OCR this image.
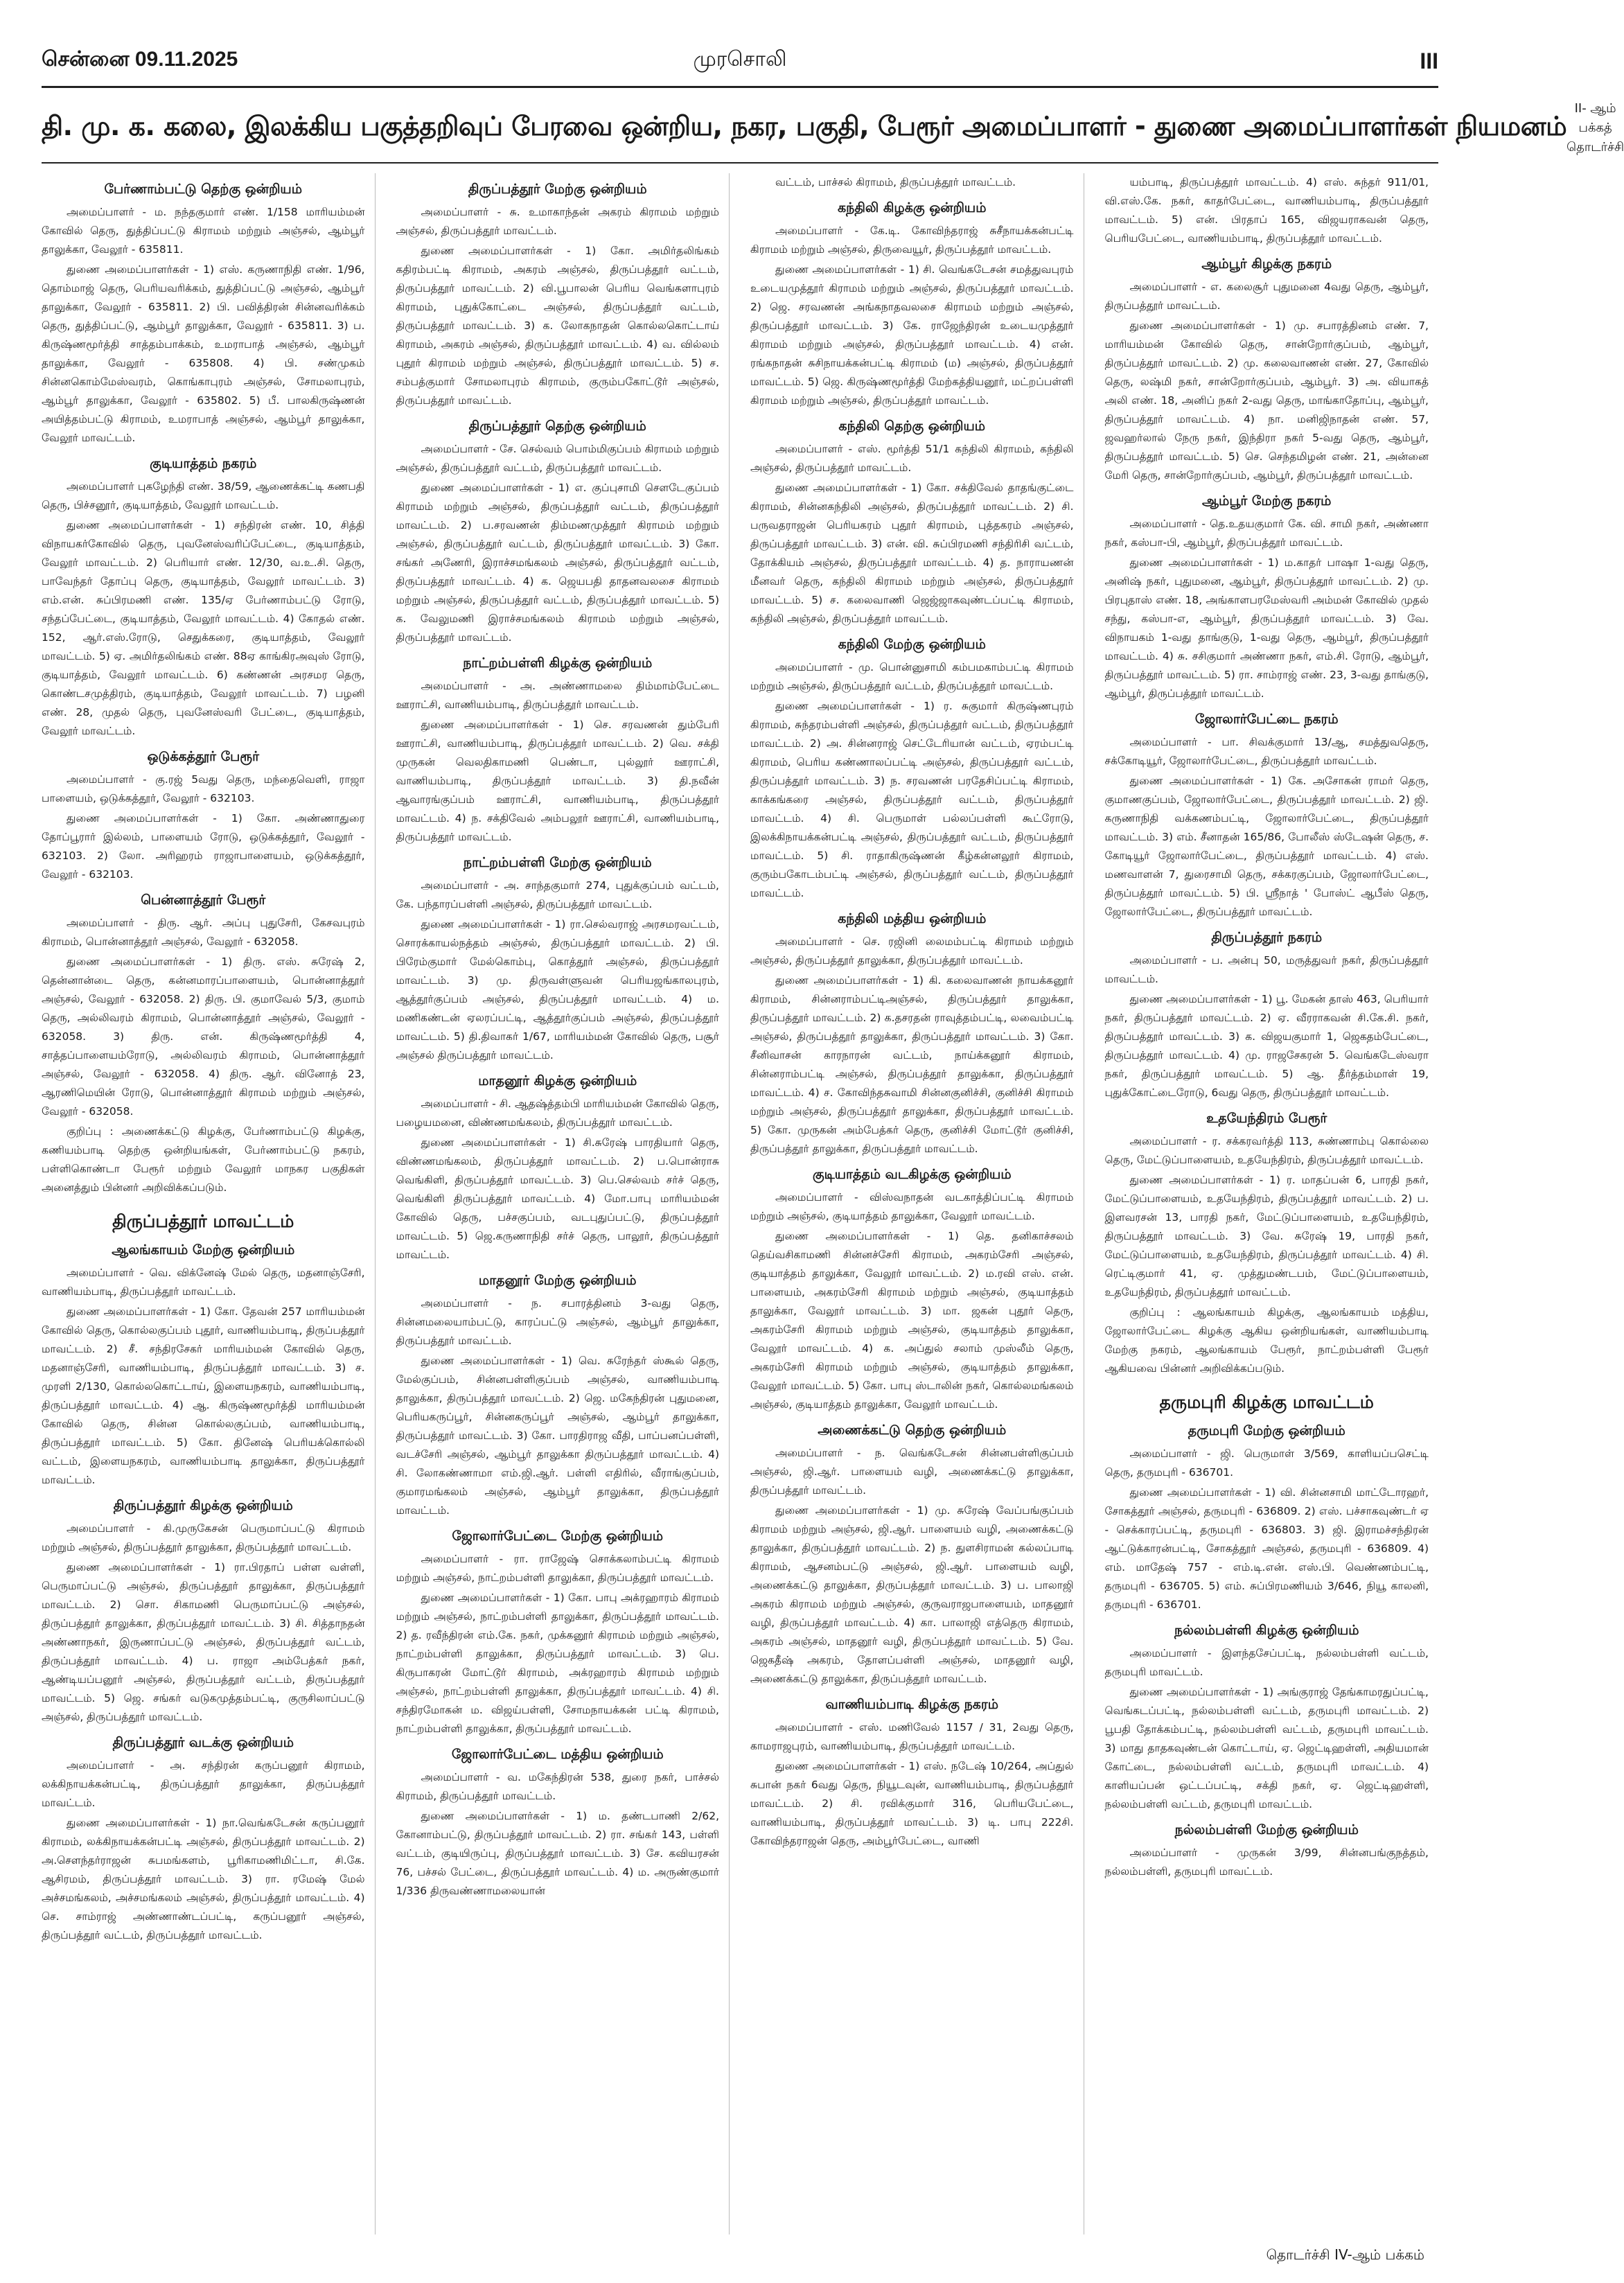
சென்னை 09.11.2025	முரசொலி	III
தி. மு. க. கலை, இலக்கிய பகுத்தறிவுப் பேரவை ஒன்றிய, நகர, பகுதி, பேரூர் அமைப்பாளர் - துணை அமைப்பாளர்கள் நியமனம்
II- ஆம் பக்கத்
தொடர்ச்சி
பேர்ணாம்பட்டு தெற்கு ஒன்றியம்
அமைப்பாளர் - ம. நந்தகுமார் எண். 1/158 மாரியம்மன் கோவில் தெரு, துத்திப்பட்டு கிராமம் மற்றும் அஞ்சல், ஆம்பூர் தாலுக்கா, வேலூர் - 635811.
துணை அமைப்பாளர்கள் - 1) எஸ். கருணாநிதி எண். 1/96, தொம்மாஜ் தெரு, பெரியவரிக்கம், துத்திப்பட்டு அஞ்சல், ஆம்பூர் தாலுக்கா, வேலூர் - 635811. 2) பி. பவித்திரன் சின்னவரிக்கம் தெரு, துத்திப்பட்டு, ஆம்பூர் தாலுக்கா, வேலூர் - 635811. 3) ப. கிருஷ்ணமூர்த்தி சாத்தம்பாக்கம், உமராபாத் அஞ்சல், ஆம்பூர் தாலுக்கா, வேலூர் - 635808. 4) பி. சண்முகம் சின்னகொம்மேஸ்வரம், கொங்காபுரம் அஞ்சல், சோமலாபுரம், ஆம்பூர் தாலுக்கா, வேலூர் - 635802. 5) பீ. பாலகிருஷ்ணன் அயித்தம்பட்டு கிராமம், உமராபாத் அஞ்சல், ஆம்பூர் தாலுக்கா, வேலூர் மாவட்டம்.
குடியாத்தம் நகரம்
அமைப்பாளர் புகழேந்தி எண். 38/59, ஆணைக்கட்டி கணபதி தெரு, பிச்சனூர், குடியாத்தம், வேலூர் மாவட்டம்.
துணை அமைப்பாளர்கள் - 1) சந்திரன் எண். 10, சித்தி விநாயகர்கோவில் தெரு, புவனேஸ்வரிப்பேட்டை, குடியாத்தம், வேலூர் மாவட்டம். 2) பெரியார் எண். 12/30, வ.உ.சி. தெரு, பாவேந்தர் தோப்பு தெரு, குடியாத்தம், வேலூர் மாவட்டம். 3) எம்.என். சுப்பிரமணி எண். 135/ஏ பேர்ணாம்பட்டு ரோடு, சந்தப்பேட்டை, குடியாத்தம், வேலூர் மாவட்டம். 4) கோதல் எண். 152, ஆர்.எஸ்.ரோடு, செதுக்கரை, குடியாத்தம், வேலூர் மாவட்டம். 5) ஏ. அமிர்தலிங்கம் எண். 88ஏ காங்கிரஅவுஸ் ரோடு, குடியாத்தம், வேலூர் மாவட்டம். 6) கண்ணன் அரசமர தெரு, கொண்டசமுத்திரம், குடியாத்தம், வேலூர் மாவட்டம். 7) பழனி எண். 28, முதல் தெரு, புவனேஸ்வரி பேட்டை, குடியாத்தம், வேலூர் மாவட்டம்.
ஒடுக்கத்தூர் பேரூர்
அமைப்பாளர் - கு.ரஜ் 5வது தெரு, மந்தைவெளி, ராஜா பாளையம், ஒடுக்கத்தூர், வேலூர் - 632103.
துணை அமைப்பாளர்கள் - 1) கோ. அண்ணாதுரை தோப்பூரார் இல்லம், பாளையம் ரோடு, ஒடுக்கத்தூர், வேலூர் - 632103. 2) லோ. அரிஹரம் ராஜாபாளையம், ஒடுக்கத்தூர், வேலூர் - 632103.
பென்னாத்தூர் பேரூர்
அமைப்பாளர் - திரு. ஆர். அப்பு புதுசேரி, கேசவபுரம் கிராமம், பொன்னாத்தூர் அஞ்சல், வேலூர் - 632058.
துணை அமைப்பாளர்கள் - 1) திரு. எஸ். சுரேஷ் 2, தென்னான்டை தெரு, கன்னமாரப்பாளையம், பொன்னாத்தூர் அஞ்சல், வேலூர் - 632058. 2) திரு. பி. குமாவேல் 5/3, குமாம் தெரு, அல்லிவரம் கிராமம், பொன்னாத்தூர் அஞ்சல், வேலூர் - 632058. 3) திரு. என். கிருஷ்ணமூர்த்தி 4, சாத்தப்பாளையம்ரோடு, அல்லிவரம் கிராமம், பொன்னாத்தூர் அஞ்சல், வேலூர் - 632058. 4) திரு. ஆர். வினோத் 23, ஆரணிமெயின் ரோடு, பொன்னாத்தூர் கிராமம் மற்றும் அஞ்சல், வேலூர் - 632058.
குறிப்பு : அணைக்கட்டு கிழக்கு, பேர்ணாம்பட்டு கிழக்கு, கணியம்பாடி தெற்கு ஒன்றியங்கள், பேர்ணாம்பட்டு நகரம், பள்ளிகொண்டா பேரூர் மற்றும் வேலூர் மாநகர பகுதிகள் அனைத்தும் பின்னர் அறிவிக்கப்படும்.
திருப்பத்தூர் மாவட்டம்
ஆலங்காயம் மேற்கு ஒன்றியம்
அமைப்பாளர் - வெ. விக்னேஷ் மேல் தெரு, மதனாஞ்சேரி, வாணியம்பாடி, திருப்பத்தூர் மாவட்டம்.
துணை அமைப்பாளர்கள் - 1) கோ. தேவன் 257 மாரியம்மன் கோவில் தெரு, கொல்லகுப்பம் புதூர், வாணியம்பாடி, திருப்பத்தூர் மாவட்டம். 2) சீ. சந்திரசேகர் மாரியம்மன் கோவில் தெரு, மதனாஞ்சேரி, வாணியம்பாடி, திருப்பத்தூர் மாவட்டம். 3) ச. முரளி 2/130, கொல்லகொட்டாய், இளையநகரம், வாணியம்பாடி, திருப்பத்தூர் மாவட்டம். 4) ஆ. கிருஷ்ணமூர்த்தி மாரியம்மன் கோவில் தெரு, சின்ன கொல்லகுப்பம், வாணியம்பாடி, திருப்பத்தூர் மாவட்டம். 5) கோ. தினேஷ் பெரியக்கொல்லி வட்டம், இளையநகரம், வாணியம்பாடி தாலுக்கா, திருப்பத்தூர் மாவட்டம்.
திருப்பத்தூர் கிழக்கு ஒன்றியம்
அமைப்பாளர் - கி.முருகேசன் பெருமாப்பட்டு கிராமம் மற்றும் அஞ்சல், திருப்பத்தூர் தாலுக்கா, திருப்பத்தூர் மாவட்டம்.
துணை அமைப்பாளர்கள் - 1) ரா.பிரதாப் பள்ள வள்ளி, பெருமாப்பட்டு அஞ்சல், திருப்பத்தூர் தாலுக்கா, திருப்பத்தூர் மாவட்டம். 2) சொ. சிகாமணி பெருமாப்பட்டு அஞ்சல், திருப்பத்தூர் தாலுக்கா, திருப்பத்தூர் மாவட்டம். 3) சி. சித்தாநதன் அண்ணாநகர், இருணாப்பட்டு அஞ்சல், திருப்பத்தூர் வட்டம், திருப்பத்தூர் மாவட்டம். 4) ப. ராஜா அம்பேத்கர் நகர், ஆண்டியப்பனூர் அஞ்சல், திருப்பத்தூர் வட்டம், திருப்பத்தூர் மாவட்டம். 5) ஜெ. சங்கர் வடுகமுத்தம்பட்டி, குருசிலாப்பட்டு அஞ்சல், திருப்பத்தூர் மாவட்டம்.
திருப்பத்தூர் வடக்கு ஒன்றியம்
அமைப்பாளர் - அ. சந்திரன் கருப்பனூர் கிராமம், லக்கிநாயக்கன்பட்டி, திருப்பத்தூர் தாலுக்கா, திருப்பத்தூர் மாவட்டம்.
துணை அமைப்பாளர்கள் - 1) நா.வெங்கடேசன் கருப்பனூர் கிராமம், லக்கிநாயக்கன்பட்டி அஞ்சல், திருப்பத்தூர் மாவட்டம். 2) அ.சௌந்தர்ராஜன் சுபமங்களம், பூரிகாமணிமிட்டா, சி.கே. ஆசிரமம், திருப்பத்தூர் மாவட்டம். 3) ரா. ரமேஷ் மேல் அச்சமங்கலம், அச்சமங்கலம் அஞ்சல், திருப்பத்தூர் மாவட்டம். 4) செ. சாம்ராஜ் அண்ணாண்டப்பட்டி, கருப்பனூர் அஞ்சல், திருப்பத்தூர் வட்டம், திருப்பத்தூர் மாவட்டம்.
திருப்பத்தூர் மேற்கு ஒன்றியம்
அமைப்பாளர் - சு. உமாகாந்தன் அகரம் கிராமம் மற்றும் அஞ்சல், திருப்பத்தூர் மாவட்டம்.
துணை அமைப்பாளர்கள் - 1) கோ. அமிர்தலிங்கம் கதிரம்பட்டி கிராமம், அகரம் அஞ்சல், திருப்பத்தூர் வட்டம், திருப்பத்தூர் மாவட்டம். 2) வி.பூபாலன் பெரிய வெங்களாபுரம் கிராமம், புதுக்கோட்டை அஞ்சல், திருப்பத்தூர் வட்டம், திருப்பத்தூர் மாவட்டம். 3) க. லோகநாதன் கொல்லகொட்டாய் கிராமம், அகரம் அஞ்சல், திருப்பத்தூர் மாவட்டம். 4) வ. வில்லம் புதூர் கிராமம் மற்றும் அஞ்சல், திருப்பத்தூர் மாவட்டம். 5) ச. சம்பத்குமார் சோமலாபுரம் கிராமம், குரும்பகோட்டூர் அஞ்சல், திருப்பத்தூர் மாவட்டம்.
திருப்பத்தூர் தெற்கு ஒன்றியம்
அமைப்பாளர் - சே. செல்வம் பொம்மிகுப்பம் கிராமம் மற்றும் அஞ்சல், திருப்பத்தூர் வட்டம், திருப்பத்தூர் மாவட்டம்.
துணை அமைப்பாளர்கள் - 1) எ. குப்புசாமி சௌடேகுப்பம் கிராமம் மற்றும் அஞ்சல், திருப்பத்தூர் வட்டம், திருப்பத்தூர் மாவட்டம். 2) ப.சரவணன் திம்மணமுத்தூர் கிராமம் மற்றும் அஞ்சல், திருப்பத்தூர் வட்டம், திருப்பத்தூர் மாவட்டம். 3) கோ. சங்கர் அணேரி, இராச்சமங்கலம் அஞ்சல், திருப்பத்தூர் வட்டம், திருப்பத்தூர் மாவட்டம். 4) க. ஜெயபதி தாதனவலசை கிராமம் மற்றும் அஞ்சல், திருப்பத்தூர் வட்டம், திருப்பத்தூர் மாவட்டம். 5) க. வேலுமணி இராச்சமங்கலம் கிராமம் மற்றும் அஞ்சல், திருப்பத்தூர் மாவட்டம்.
நாட்றம்பள்ளி கிழக்கு ஒன்றியம்
அமைப்பாளர் - அ. அண்ணாமலை திம்மாம்பேட்டை ஊராட்சி, வாணியம்பாடி, திருப்பத்தூர் மாவட்டம்.
துணை அமைப்பாளர்கள் - 1) செ. சரவணன் தும்பேரி ஊராட்சி, வாணியம்பாடி, திருப்பத்தூர் மாவட்டம். 2) வெ. சக்தி முருகன் வெலதிகாமணி பெண்டா, புல்லூர் ஊராட்சி, வாணியம்பாடி, திருப்பத்தூர் மாவட்டம். 3) தி.நவீன் ஆவாரங்குப்பம் ஊராட்சி, வாணியம்பாடி, திருப்பத்தூர் மாவட்டம். 4) ந. சக்திவேல் அம்பலூர் ஊராட்சி, வாணியம்பாடி, திருப்பத்தூர் மாவட்டம்.
நாட்றம்பள்ளி மேற்கு ஒன்றியம்
அமைப்பாளர் - அ. சாந்தகுமார் 274, புதுக்குப்பம் வட்டம், கே. பந்தாரப்பள்ளி அஞ்சல், திருப்பத்தூர் மாவட்டம்.
துணை அமைப்பாளர்கள் - 1) ரா.செல்வராஜ் அரசமரவட்டம், சொரக்காயல்நத்தம் அஞ்சல், திருப்பத்தூர் மாவட்டம். 2) பி. பிரேம்குமார் மேல்கொம்பு, கொத்தூர் அஞ்சல், திருப்பத்தூர் மாவட்டம். 3) மு. திருவள்ளுவன் பெரியஜங்காலபுரம், ஆத்தூர்குப்பம் அஞ்சல், திருப்பத்தூர் மாவட்டம். 4) ம. மணிகண்டன் ஏலரப்பட்டி, ஆத்தூர்குப்பம் அஞ்சல், திருப்பத்தூர் மாவட்டம். 5) தி.திவாகர் 1/67, மாரியம்மன் கோவில் தெரு, பசூர் அஞ்சல் திருப்பத்தூர் மாவட்டம்.
மாதனூர் கிழக்கு ஒன்றியம்
அமைப்பாளர் - சி. ஆதஷ்த்தம்பி மாரியம்மன் கோவில் தெரு, பழையமனை, விண்ணமங்கலம், திருப்பத்தூர் மாவட்டம்.
துணை அமைப்பாளர்கள் - 1) சி.சுரேஷ் பாரதியார் தெரு, விண்ணமங்கலம், திருப்பத்தூர் மாவட்டம். 2) ப.பொன்ராசு வெங்கிளி, திருப்பத்தூர் மாவட்டம். 3) பெ.செல்வம் சர்ச் தெரு, வெங்கிளி திருப்பத்தூர் மாவட்டம். 4) மோ.பாபு மாரியம்மன் கோவில் தெரு, பச்சகுப்பம், வடபுதுப்பட்டு, திருப்பத்தூர் மாவட்டம். 5) ஜெ.கருணாநிதி சர்ச் தெரு, பாலூர், திருப்பத்தூர் மாவட்டம்.
மாதனூர் மேற்கு ஒன்றியம்
அமைப்பாளர் - ந. சபாரத்தினம் 3-வது தெரு, சின்னமலையாம்பட்டு, காரப்பட்டு அஞ்சல், ஆம்பூர் தாலுக்கா, திருப்பத்தூர் மாவட்டம்.
துணை அமைப்பாளர்கள் - 1) வெ. சுரேந்தர் ஸ்கூல் தெரு, மேல்குப்பம், சின்னபள்ளிகுப்பம் அஞ்சல், வாணியம்பாடி தாலுக்கா, திருப்பத்தூர் மாவட்டம். 2) ஜெ. மகேந்திரன் புதுமனை, பெரியகருப்பூர், சின்னகருப்பூர் அஞ்சல், ஆம்பூர் தாலுக்கா, திருப்பத்தூர் மாவட்டம். 3) கோ. பாரதிராஜ வீதி, பாப்பனப்பள்ளி, வடச்சேரி அஞ்சல், ஆம்பூர் தாலுக்கா திருப்பத்தூர் மாவட்டம். 4) சி. லோகண்ணாமா எம்.ஜி.ஆர். பள்ளி எதிரில், வீராங்குப்பம், குமாரமங்கலம் அஞ்சல், ஆம்பூர் தாலுக்கா, திருப்பத்தூர் மாவட்டம்.
ஜோலார்பேட்டை மேற்கு ஒன்றியம்
அமைப்பாளர் - ரா. ராஜேஷ் சொக்கலாம்பட்டி கிராமம் மற்றும் அஞ்சல், நாட்றம்பள்ளி தாலுக்கா, திருப்பத்தூர் மாவட்டம்.
துணை அமைப்பாளர்கள் - 1) கோ. பாபு அக்ரஹாரம் கிராமம் மற்றும் அஞ்சல், நாட்றம்பள்ளி தாலுக்கா, திருப்பத்தூர் மாவட்டம். 2) த. ரவீந்திரன் எம்.கே. நகர், முக்கனூர் கிராமம் மற்றும் அஞ்சல், நாட்றம்பள்ளி தாலுக்கா, திருப்பத்தூர் மாவட்டம். 3) பெ. கிருபாகரன் மோட்டூர் கிராமம், அக்ரஹாரம் கிராமம் மற்றும் அஞ்சல், நாட்றம்பள்ளி தாலுக்கா, திருப்பத்தூர் மாவட்டம். 4) சி. சந்திரமோகன் ம. விஜய்பள்ளி, சோமநாயக்கன் பட்டி கிராமம், நாட்றம்பள்ளி தாலுக்கா, திருப்பத்தூர் மாவட்டம்.
ஜோலார்பேட்டை மத்திய ஒன்றியம்
அமைப்பாளர் - வ. மகேந்திரன் 538, துரை நகர், பாச்சல் கிராமம், திருப்பத்தூர் மாவட்டம்.
துணை அமைப்பாளர்கள் - 1) ம. தண்டபாணி 2/62, கோனாம்பட்டு, திருப்பத்தூர் மாவட்டம். 2) ரா. சங்கர் 143, பள்ளி வட்டம், குடியிருப்பு, திருப்பத்தூர் மாவட்டம். 3) சே. கவியரசன் 76, பச்சல் பேட்டை, திருப்பத்தூர் மாவட்டம். 4) ம. அருண்குமார் 1/336 திருவண்ணாமலையான்
வட்டம், பாச்சல் கிராமம், திருப்பத்தூர் மாவட்டம்.
கந்திலி கிழக்கு ஒன்றியம்
அமைப்பாளர் - கே.டி. கோவிந்தராஜ் சுசீநாயக்கன்பட்டி கிராமம் மற்றும் அஞ்சல், திருவையூர், திருப்பத்தூர் மாவட்டம்.
துணை அமைப்பாளர்கள் - 1) சி. வெங்கடேசன் சமத்துவபுரம் உடையமுத்தூர் கிராமம் மற்றும் அஞ்சல், திருப்பத்தூர் மாவட்டம். 2) ஜெ. சரவணன் அங்கநாதவலசை கிராமம் மற்றும் அஞ்சல், திருப்பத்தூர் மாவட்டம். 3) கே. ராஜேந்திரன் உடையமுத்தூர் கிராமம் மற்றும் அஞ்சல், திருப்பத்தூர் மாவட்டம். 4) என். ரங்கநாதன் சுசிநாயக்கன்பட்டி கிராமம் (ம) அஞ்சல், திருப்பத்தூர் மாவட்டம். 5) ஜெ. கிருஷ்ணமூர்த்தி மேற்கத்தியனூர், மட்றப்பள்ளி கிராமம் மற்றும் அஞ்சல், திருப்பத்தூர் மாவட்டம்.
கந்திலி தெற்கு ஒன்றியம்
அமைப்பாளர் - எஸ். மூர்த்தி 51/1 கந்திலி கிராமம், கந்திலி அஞ்சல், திருப்பத்தூர் மாவட்டம்.
துணை அமைப்பாளர்கள் - 1) கோ. சக்திவேல் தாதங்குட்டை கிராமம், சின்னகந்திலி அஞ்சல், திருப்பத்தூர் மாவட்டம். 2) சி. பருவதராஜன் பெரியகரம் புதூர் கிராமம், புத்தகரம் அஞ்சல், திருப்பத்தூர் மாவட்டம். 3) என். வி. சுப்பிரமணி சந்திரிசி வட்டம், தோக்கியம் அஞ்சல், திருப்பத்தூர் மாவட்டம். 4) த. நாராயணன் மீனவர் தெரு, கந்திலி கிராமம் மற்றும் அஞ்சல், திருப்பத்தூர் மாவட்டம். 5) ச. கலைவாணி ஜெஜ்ஜாகவுண்டப்பட்டி கிராமம், கந்திலி அஞ்சல், திருப்பத்தூர் மாவட்டம்.
கந்திலி மேற்கு ஒன்றியம்
அமைப்பாளர் - மு. பொன்னுசாமி கம்பமகாம்பட்டி கிராமம் மற்றும் அஞ்சல், திருப்பத்தூர் வட்டம், திருப்பத்தூர் மாவட்டம்.
துணை அமைப்பாளர்கள் - 1) ர. சுகுமார் கிருஷ்ணபுரம் கிராமம், சுந்தரம்பள்ளி அஞ்சல், திருப்பத்தூர் வட்டம், திருப்பத்தூர் மாவட்டம். 2) அ. சின்னராஜ் செட்டேரியான் வட்டம், ஏரம்பட்டி கிராமம், பெரிய கண்ணாலப்பட்டி அஞ்சல், திருப்பத்தூர் வட்டம், திருப்பத்தூர் மாவட்டம். 3) ந. சரவணன் பரதேசிப்பட்டி கிராமம், காக்கங்கரை அஞ்சல், திருப்பத்தூர் வட்டம், திருப்பத்தூர் மாவட்டம். 4) சி. பெருமாள் பல்லப்பள்ளி கூட்ரோடு, இலக்கிநாயக்கன்பட்டி அஞ்சல், திருப்பத்தூர் வட்டம், திருப்பத்தூர் மாவட்டம். 5) சி. ராதாகிருஷ்ணன் கீழ்கன்னலூர் கிராமம், குரும்பகோடம்பட்டி அஞ்சல், திருப்பத்தூர் வட்டம், திருப்பத்தூர் மாவட்டம்.
கந்திலி மத்திய ஒன்றியம்
அமைப்பாளர் - செ. ரஜினி லைமம்பட்டி கிராமம் மற்றும் அஞ்சல், திருப்பத்தூர் தாலுக்கா, திருப்பத்தூர் மாவட்டம்.
துணை அமைப்பாளர்கள் - 1) கி. கலைவாணன் நாயக்கனூர் கிராமம், சின்னராம்பட்டிஅஞ்சல், திருப்பத்தூர் தாலுக்கா, திருப்பத்தூர் மாவட்டம். 2) க.தசரதன் ராவுத்தம்பட்டி, லவைம்பட்டி அஞ்சல், திருப்பத்தூர் தாலுக்கா, திருப்பத்தூர் மாவட்டம். 3) கோ. சீனிவாசன் காரநாரன் வட்டம், நாய்க்கனூர் கிராமம், சின்னராம்பட்டி அஞ்சல், திருப்பத்தூர் தாலுக்கா, திருப்பத்தூர் மாவட்டம். 4) ச. கோவிந்தசுவாமி சின்னகுனிச்சி, குனிச்சி கிராமம் மற்றும் அஞ்சல், திருப்பத்தூர் தாலுக்கா, திருப்பத்தூர் மாவட்டம். 5) கோ. முருகன் அம்பேத்கர் தெரு, குனிச்சி மோட்டூர் குனிச்சி, திருப்பத்தூர் தாலுக்கா, திருப்பத்தூர் மாவட்டம்.
குடியாத்தம் வடகிழக்கு ஒன்றியம்
அமைப்பாளர் - விஸ்வநாதன் வடகாத்திப்பட்டி கிராமம் மற்றும் அஞ்சல், குடியாத்தம் தாலுக்கா, வேலூர் மாவட்டம்.
துணை அமைப்பாளர்கள் - 1) தெ. தனிகாச்சலம் தெய்வசிகாமணி சின்னச்சேரி கிராமம், அகரம்சேரி அஞ்சல், குடியாத்தம் தாலுக்கா, வேலூர் மாவட்டம். 2) ம.ரவி எஸ். என். பாளையம், அகரம்சேரி கிராமம் மற்றும் அஞ்சல், குடியாத்தம் தாலுக்கா, வேலூர் மாவட்டம். 3) மா. ஜகன் புதூர் தெரு, அகரம்சேரி கிராமம் மற்றும் அஞ்சல், குடியாத்தம் தாலுக்கா, வேலூர் மாவட்டம். 4) க. அப்துல் சலாம் முஸ்லீம் தெரு, அகரம்சேரி கிராமம் மற்றும் அஞ்சல், குடியாத்தம் தாலுக்கா, வேலூர் மாவட்டம். 5) கோ. பாபு ஸ்டாலின் நகர், கொல்லமங்கலம் அஞ்சல், குடியாத்தம் தாலுக்கா, வேலூர் மாவட்டம்.
அணைக்கட்டு தெற்கு ஒன்றியம்
அமைப்பாளர் - ந. வெங்கடேசன் சின்னபள்ளிகுப்பம் அஞ்சல், ஜி.ஆர். பாளையம் வழி, அணைக்கட்டு தாலுக்கா, திருப்பத்தூர் மாவட்டம்.
துணை அமைப்பாளர்கள் - 1) மு. சுரேஷ் வேப்பங்குப்பம் கிராமம் மற்றும் அஞ்சல், ஜி.ஆர். பாளையம் வழி, அணைக்கட்டு தாலுக்கா, திருப்பத்தூர் மாவட்டம். 2) ந. துளசிராமன் கல்லப்பாடி கிராமம், ஆசனம்பட்டு அஞ்சல், ஜி.ஆர். பாளையம் வழி, அணைக்கட்டு தாலுக்கா, திருப்பத்தூர் மாவட்டம். 3) ப. பாலாஜி அகரம் கிராமம் மற்றும் அஞ்சல், குருவராஜபாளையம், மாதனூர் வழி, திருப்பத்தூர் மாவட்டம். 4) கா. பாலாஜி எத்தெரு கிராமம், அகரம் அஞ்சல், மாதனூர் வழி, திருப்பத்தூர் மாவட்டம். 5) வே. ஜெகதீஷ் அகரம், தோளப்பள்ளி அஞ்சல், மாதனூர் வழி, அணைக்கட்டு தாலுக்கா, திருப்பத்தூர் மாவட்டம்.
வாணியம்பாடி கிழக்கு நகரம்
அமைப்பாளர் - எஸ். மணிவேல் 1157 / 31, 2வது தெரு, காமராஜபுரம், வாணியம்பாடி, திருப்பத்தூர் மாவட்டம்.
துணை அமைப்பாளர்கள் - 1) எஸ். நடேஷ் 10/264, அப்துல் சுபான் நகர் 6வது தெரு, நியூடவுன், வாணியம்பாடி, திருப்பத்தூர் மாவட்டம். 2) சி. ரவிக்குமார் 316, பெரியபேட்டை, வாணியம்பாடி, திருப்பத்தூர் மாவட்டம். 3) டி. பாபு 222சி. கோவிந்தராஜன் தெரு, அம்பூர்பேட்டை, வாணி
யம்பாடி, திருப்பத்தூர் மாவட்டம். 4) எஸ். சுந்தர் 911/01, வி.எஸ்.கே. நகர், காதர்பேட்டை, வாணியம்பாடி, திருப்பத்தூர் மாவட்டம். 5) என். பிரதாப் 165, விஜயராகவன் தெரு, பெரியபேட்டை, வாணியம்பாடி, திருப்பத்தூர் மாவட்டம்.
ஆம்பூர் கிழக்கு நகரம்
அமைப்பாளர் - எ. கலைசூர் புதுமனை 4வது தெரு, ஆம்பூர், திருப்பத்தூர் மாவட்டம்.
துணை அமைப்பாளர்கள் - 1) மு. சபாரத்தினம் எண். 7, மாரியம்மன் கோவில் தெரு, சான்றோர்குப்பம், ஆம்பூர், திருப்பத்தூர் மாவட்டம். 2) மு. கலைவாணன் எண். 27, கோவில் தெரு, லஷ்மி நகர், சான்றோர்குப்பம், ஆம்பூர். 3) அ. வியாகத் அலி எண். 18, அனிப் நகர் 2-வது தெரு, மாங்காதோப்பு, ஆம்பூர், திருப்பத்தூர் மாவட்டம். 4) நா. மனிஜிநாதன் எண். 57, ஜவஹர்லால் நேரு நகர், இந்திரா நகர் 5-வது தெரு, ஆம்பூர், திருப்பத்தூர் மாவட்டம். 5) செ. செந்தமிழன் எண். 21, அன்னை மேரி தெரு, சான்றோர்குப்பம், ஆம்பூர், திருப்பத்தூர் மாவட்டம்.
ஆம்பூர் மேற்கு நகரம்
அமைப்பாளர் - தெ.உதயகுமார் கே. வி. சாமி நகர், அண்ணா நகர், கஸ்பா-பி, ஆம்பூர், திருப்பத்தூர் மாவட்டம்.
துணை அமைப்பாளர்கள் - 1) ம.காதர் பாஷா 1-வது தெரு, அனிஷ் நகர், புதுமனை, ஆம்பூர், திருப்பத்தூர் மாவட்டம். 2) மு. பிரபுதாஸ் எண். 18, அங்காளபரமேஸ்வரி அம்மன் கோவில் முதல் சந்து, கஸ்பா-எ, ஆம்பூர், திருப்பத்தூர் மாவட்டம். 3) வே. விநாயகம் 1-வது தாங்குடு, 1-வது தெரு, ஆம்பூர், திருப்பத்தூர் மாவட்டம். 4) சு. சசிகுமார் அண்ணா நகர், எம்.சி. ரோடு, ஆம்பூர், திருப்பத்தூர் மாவட்டம். 5) ரா. சாம்ராஜ் எண். 23, 3-வது தாங்குடு, ஆம்பூர், திருப்பத்தூர் மாவட்டம்.
ஜோலார்பேட்டை நகரம்
அமைப்பாளர் - பா. சிவக்குமார் 13/ஆ, சமத்துவதெரு, சக்கோடியூர், ஜோலார்பேட்டை, திருப்பத்தூர் மாவட்டம்.
துணை அமைப்பாளர்கள் - 1) கே. அசோகன் ராமர் தெரு, குமாணகுப்பம், ஜோலார்பேட்டை, திருப்பத்தூர் மாவட்டம். 2) ஜி. கருணாநிதி வக்கணம்பட்டி, ஜோலார்பேட்டை, திருப்பத்தூர் மாவட்டம். 3) எம். சீனாதன் 165/86, போலீஸ் ஸ்டேஷன் தெரு, ச. கோடியூர் ஜோலார்பேட்டை, திருப்பத்தூர் மாவட்டம். 4) எஸ். மணவாளன் 7, துரைசாமி தெரு, சக்கரகுப்பம், ஜோலார்பேட்டை, திருப்பத்தூர் மாவட்டம். 5) பி. ஸ்ரீநாத் ' போஸ்ட் ஆபீஸ் தெரு, ஜோலார்பேட்டை, திருப்பத்தூர் மாவட்டம்.
திருப்பத்தூர் நகரம்
அமைப்பாளர் - ப. அன்பு 50, மருத்துவர் நகர், திருப்பத்தூர் மாவட்டம்.
துணை அமைப்பாளர்கள் - 1) பூ. மேகன் தாஸ் 463, பெரியார் நகர், திருப்பத்தூர் மாவட்டம். 2) ஏ. வீரராகவன் சி.கே.சி. நகர், திருப்பத்தூர் மாவட்டம். 3) க. விஜயகுமார் 1, ஜெகதம்பேட்டை, திருப்பத்தூர் மாவட்டம். 4) மு. ராஜசேகரன் 5. வெங்கடேஸ்வரா நகர், திருப்பத்தூர் மாவட்டம். 5) ஆ. தீர்த்தம்மாள் 19, புதுக்கோட்டைரோடு, 6வது தெரு, திருப்பத்தூர் மாவட்டம்.
உதயேந்திரம் பேரூர்
அமைப்பாளர் - ர. சக்கரவர்த்தி 113, சுண்ணாம்பு கொல்லை தெரு, மேட்டுப்பாளையம், உதயேந்திரம், திருப்பத்தூர் மாவட்டம்.
துணை அமைப்பாளர்கள் - 1) ர. மாதப்பன் 6, பாரதி நகர், மேட்டுப்பாளையம், உதயேந்திரம், திருப்பத்தூர் மாவட்டம். 2) ப. இளவரசன் 13, பாரதி நகர், மேட்டுப்பாளையம், உதயேந்திரம், திருப்பத்தூர் மாவட்டம். 3) வே. சுரேஷ் 19, பாரதி நகர், மேட்டுப்பாளையம், உதயேந்திரம், திருப்பத்தூர் மாவட்டம். 4) சி. ரெட்டிகுமார் 41, ஏ. முத்துமண்டபம், மேட்டுப்பாளையம், உதயேந்திரம், திருப்பத்தூர் மாவட்டம்.
குறிப்பு : ஆலங்காயம் கிழக்கு, ஆலங்காயம் மத்திய, ஜோலார்பேட்டை கிழக்கு ஆகிய ஒன்றியங்கள், வாணியம்பாடி மேற்கு நகரம், ஆலங்காயம் பேரூர், நாட்றம்பள்ளி பேரூர் ஆகியவை பின்னர் அறிவிக்கப்படும்.
தருமபுரி கிழக்கு மாவட்டம்
தருமபுரி மேற்கு ஒன்றியம்
அமைப்பாளர் - ஜி. பெருமாள் 3/569, காளியப்பசெட்டி தெரு, தருமபுரி - 636701.
துணை அமைப்பாளர்கள் - 1) வி. சின்னசாமி மாட்டோரஹர், சோகத்தூர் அஞ்சல், தருமபுரி - 636809. 2) எஸ். பச்சாகவுண்டர் ஏ - செக்காரப்பட்டி, தருமபுரி - 636803. 3) ஜி. இராமச்சந்திரன் ஆட்டுக்காரன்பட்டி, சோகத்தூர் அஞ்சல், தருமபுரி - 636809. 4) எம். மாதேஷ் 757 - எம்.டி.என். எஸ்.பி. வெண்ணம்பட்டி, தருமபுரி - 636705. 5) எம். சுப்பிரமணியம் 3/646, நியூ காலனி, தருமபுரி - 636701.
நல்லம்பள்ளி கிழக்கு ஒன்றியம்
அமைப்பாளர் - இளந்தசேப்பட்டி, நல்லம்பள்ளி வட்டம், தருமபுரி மாவட்டம்.
துணை அமைப்பாளர்கள் - 1) அங்குராஜ் தேங்காமரதுப்பட்டி, வெங்கடப்பட்டி, நல்லம்பள்ளி வட்டம், தருமபுரி மாவட்டம். 2) பூபதி தோக்கம்பட்டி, நல்லம்பள்ளி வட்டம், தருமபுரி மாவட்டம். 3) மாது தாதகவுண்டன் கொட்டாய், ஏ. ஜெட்டிஹள்ளி, அதியமான் கோட்டை, நல்லம்பள்ளி வட்டம், தருமபுரி மாவட்டம். 4) காளியப்பன் ஒட்டப்பட்டி, சக்தி நகர், ஏ. ஜெட்டிஹள்ளி, நல்லம்பள்ளி வட்டம், தருமபுரி மாவட்டம்.
நல்லம்பள்ளி மேற்கு ஒன்றியம்
அமைப்பாளர் - முருகன் 3/99, சின்னபங்குநத்தம், நல்லம்பள்ளி, தருமபுரி மாவட்டம்.
தொடர்ச்சி IV-ஆம் பக்கம்
